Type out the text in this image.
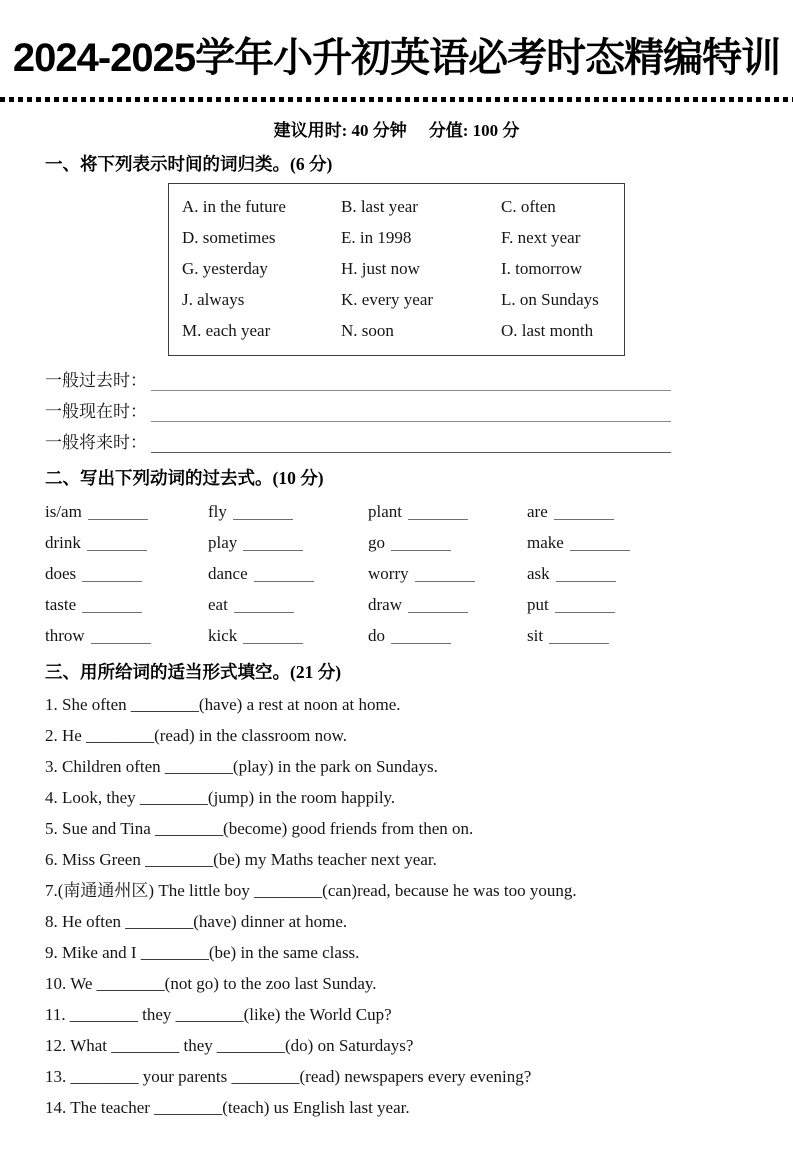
2024-2025学年小升初英语必考时态精编特训
建议用时: 40 分钟 分值: 100 分
一、将下列表示时间的词归类。(6 分)
A. in the future	B. last year	C. often
D. sometimes	E. in 1998	F. next year
G. yesterday	H. just now	I. tomorrow
J. always	K. every year	L. on Sundays
M. each year	N. soon	O. last month
一般过去时：
一般现在时：
一般将来时：
二、写出下列动词的过去式。(10 分)
is/am	fly	plant	are
drink	play	go	make
does	dance	worry	ask
taste	eat	draw	put
throw	kick	do	sit
三、用所给词的适当形式填空。(21 分)

1. She often ________(have) a rest at noon at home.

2. He ________(read) in the classroom now.

3. Children often ________(play) in the park on Sundays.

4. Look, they ________(jump) in the room happily.

5. Sue and Tina ________(become) good friends from then on.

6. Miss Green ________(be) my Maths teacher next year.

7.(南通通州区) The little boy ________(can)read, because he was too young.

8. He often ________(have) dinner at home.

9. Mike and I ________(be) in the same class.

10. We ________(not go) to the zoo last Sunday.

11. ________ they ________(like) the World Cup?

12. What ________ they ________(do) on Saturdays?

13. ________ your parents ________(read) newspapers every evening?

14. The teacher ________(teach) us English last year.
